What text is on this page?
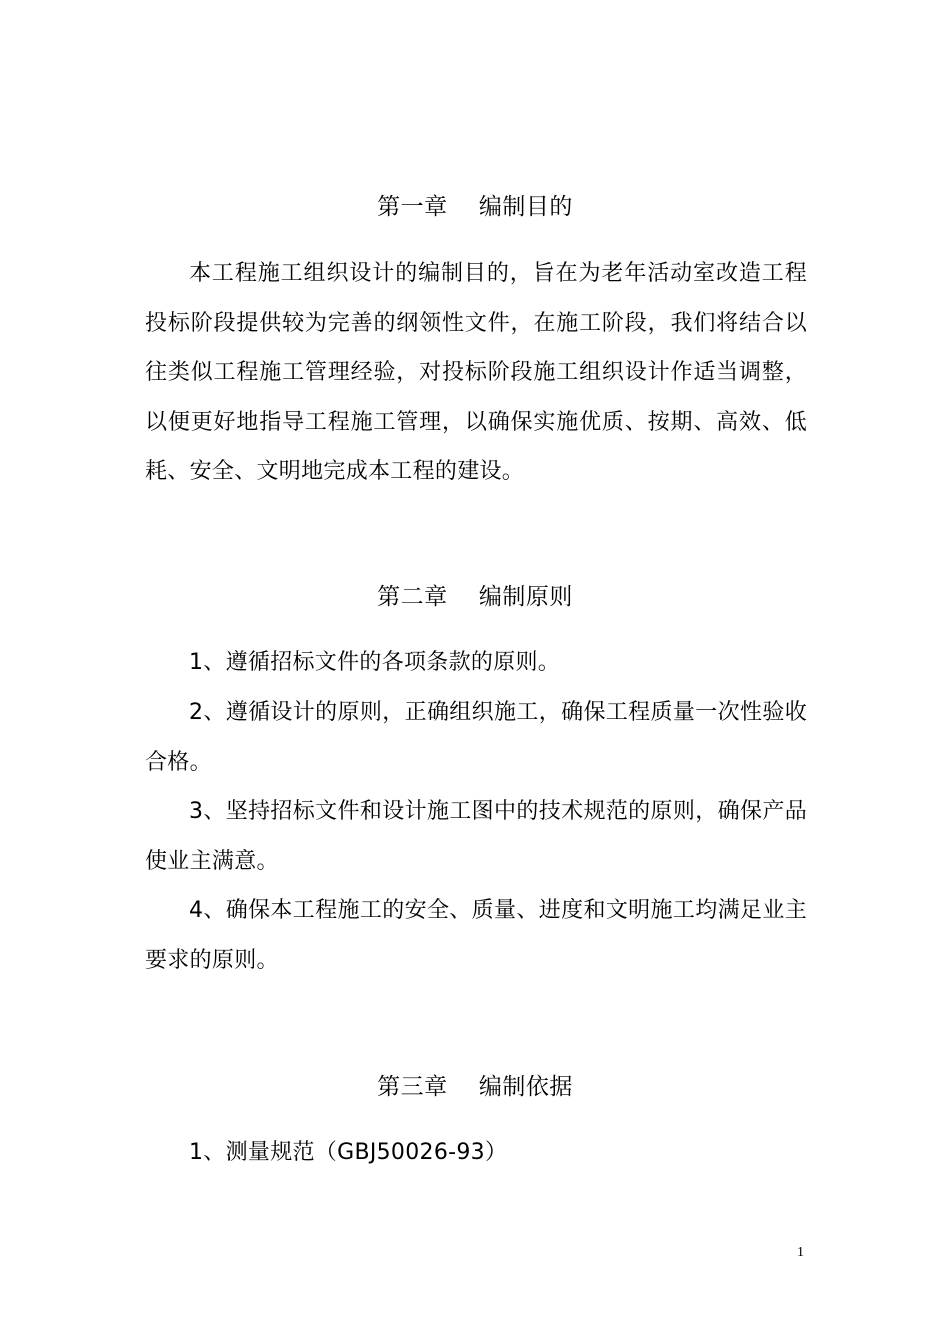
第一章　 编制目的

本工程施工组织设计的编制目的，旨在为老年活动室改造工程投标阶段提供较为完善的纲领性文件，在施工阶段，我们将结合以往类似工程施工管理经验，对投标阶段施工组织设计作适当调整，以便更好地指导工程施工管理，以确保实施优质、按期、高效、低耗、安全、文明地完成本工程的建设。

第二章　 编制原则

1、遵循招标文件的各项条款的原则。

2、遵循设计的原则，正确组织施工，确保工程质量一次性验收合格。

3、坚持招标文件和设计施工图中的技术规范的原则，确保产品使业主满意。

4、确保本工程施工的安全、质量、进度和文明施工均满足业主要求的原则。

第三章　 编制依据

1、测量规范（GBJ50026-93）

1
